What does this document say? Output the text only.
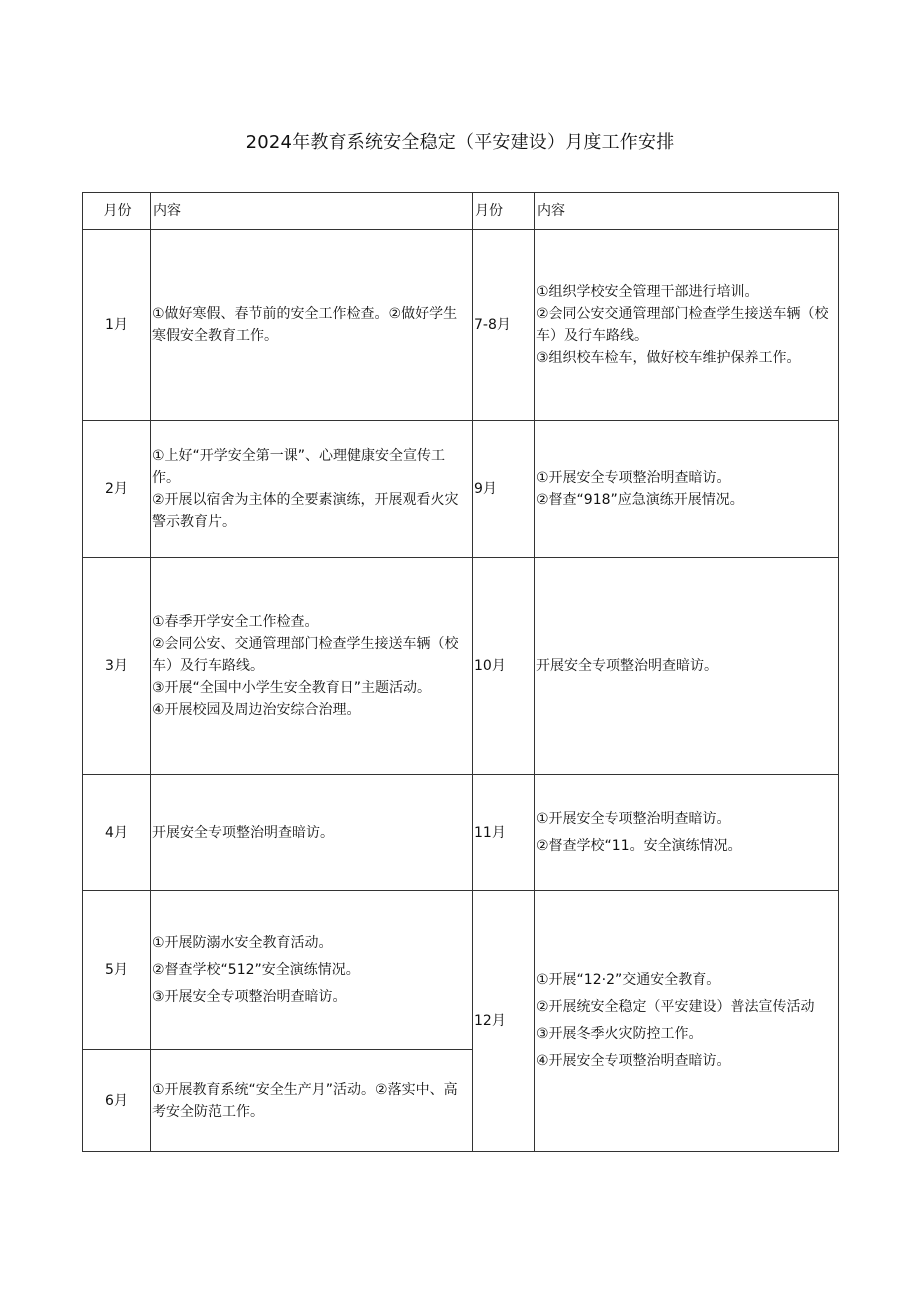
2024年教育系统安全稳定（平安建设）月度工作安排
月份	内容	月份	内容
1月	①做好寒假、春节前的安全工作检查。②做好学生寒假安全教育工作。	7-8月	①组织学校安全管理干部进行培训。
②会同公安交通管理部门检查学生接送车辆（校车）及行车路线。
③组织校车检车，做好校车维护保养工作。

2月	①上好“开学安全第一课”、心理健康安全宣传工作。
②开展以宿舍为主体的全要素演练，开展观看火灾警示教育片。	9月	①开展安全专项整治明查暗访。
②督查“918”应急演练开展情况。

3月	①春季开学安全工作检查。
②会同公安、交通管理部门检查学生接送车辆（校车）及行车路线。
③开展“全国中小学生安全教育日”主题活动。
④开展校园及周边治安综合治理。	10月	开展安全专项整治明查暗访。
4月	开展安全专项整治明查暗访。	11月	①开展安全专项整治明查暗访。
②督查学校“11。安全演练情况。

5月	①开展防溺水安全教育活动。
②督查学校“512”安全演练情况。
③开展安全专项整治明查暗访。	12月	①开展“12·2”交通安全教育。
②开展统安全稳定（平安建设）普法宣传活动
③开展冬季火灾防控工作。
④开展安全专项整治明查暗访。

6月	①开展教育系统“安全生产月”活动。②落实中、高考安全防范工作。		
